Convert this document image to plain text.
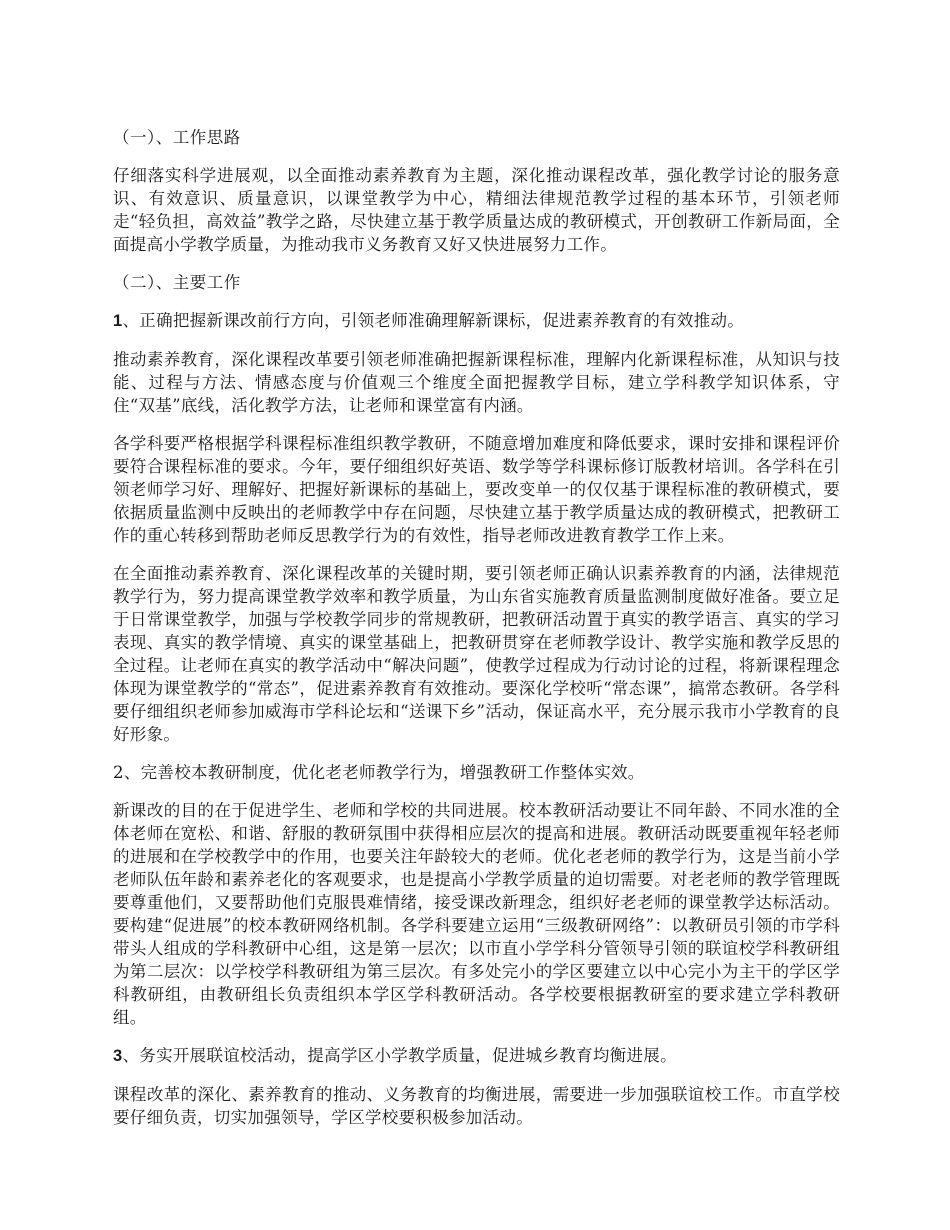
（一）、工作思路

仔细落实科学进展观，以全面推动素养教育为主题，深化推动课程改革，强化教学讨论的服务意识、有效意识、质量意识，以课堂教学为中心，精细法律规范教学过程的基本环节，引领老师走“轻负担，高效益”教学之路，尽快建立基于教学质量达成的教研模式，开创教研工作新局面，全面提高小学教学质量，为推动我市义务教育又好又快进展努力工作。

（二）、主要工作

1、正确把握新课改前行方向，引领老师准确理解新课标，促进素养教育的有效推动。

推动素养教育，深化课程改革要引领老师准确把握新课程标准，理解内化新课程标准，从知识与技能、过程与方法、情感态度与价值观三个维度全面把握教学目标，建立学科教学知识体系，守住“双基”底线，活化教学方法，让老师和课堂富有内涵。

各学科要严格根据学科课程标准组织教学教研，不随意增加难度和降低要求，课时安排和课程评价要符合课程标准的要求。今年，要仔细组织好英语、数学等学科课标修订版教材培训。各学科在引领老师学习好、理解好、把握好新课标的基础上，要改变单一的仅仅基于课程标准的教研模式，要依据质量监测中反映出的老师教学中存在问题，尽快建立基于教学质量达成的教研模式，把教研工作的重心转移到帮助老师反思教学行为的有效性，指导老师改进教育教学工作上来。

在全面推动素养教育、深化课程改革的关键时期，要引领老师正确认识素养教育的内涵，法律规范教学行为，努力提高课堂教学效率和教学质量，为山东省实施教育质量监测制度做好准备。要立足于日常课堂教学，加强与学校教学同步的常规教研，把教研活动置于真实的教学语言、真实的学习表现、真实的教学情境、真实的课堂基础上，把教研贯穿在老师教学设计、教学实施和教学反思的全过程。让老师在真实的教学活动中“解决问题”，使教学过程成为行动讨论的过程，将新课程理念体现为课堂教学的“常态”，促进素养教育有效推动。要深化学校听“常态课”，搞常态教研。各学科要仔细组织老师参加威海市学科论坛和“送课下乡”活动，保证高水平，充分展示我市小学教育的良好形象。

2、完善校本教研制度，优化老老师教学行为，增强教研工作整体实效。

新课改的目的在于促进学生、老师和学校的共同进展。校本教研活动要让不同年龄、不同水准的全体老师在宽松、和谐、舒服的教研氛围中获得相应层次的提高和进展。教研活动既要重视年轻老师的进展和在学校教学中的作用，也要关注年龄较大的老师。优化老老师的教学行为，这是当前小学老师队伍年龄和素养老化的客观要求，也是提高小学教学质量的迫切需要。对老老师的教学管理既要尊重他们，又要帮助他们克服畏难情绪，接受课改新理念，组织好老老师的课堂教学达标活动。要构建“促进展”的校本教研网络机制。各学科要建立运用“三级教研网络”：以教研员引领的市学科带头人组成的学科教研中心组，这是第一层次；以市直小学学科分管领导引领的联谊校学科教研组为第二层次：以学校学科教研组为第三层次。有多处完小的学区要建立以中心完小为主干的学区学科教研组，由教研组长负责组织本学区学科教研活动。各学校要根据教研室的要求建立学科教研组。

3、务实开展联谊校活动，提高学区小学教学质量，促进城乡教育均衡进展。

课程改革的深化、素养教育的推动、义务教育的均衡进展，需要进一步加强联谊校工作。市直学校要仔细负责，切实加强领导，学区学校要积极参加活动。
